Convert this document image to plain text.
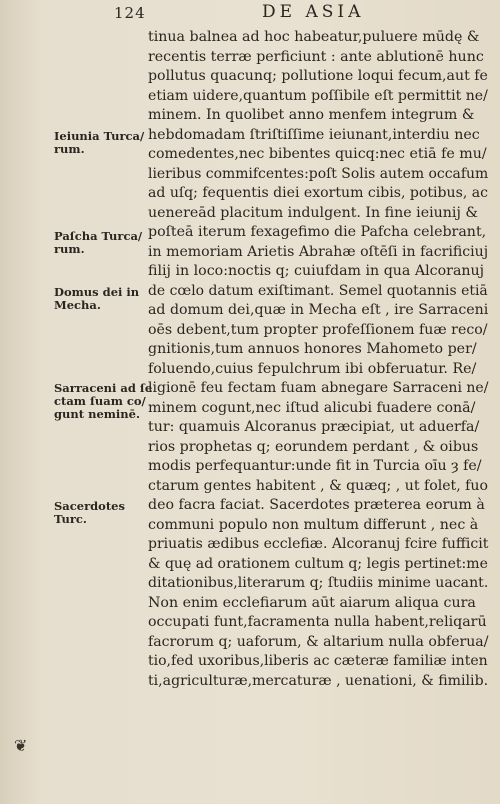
124	DE ASIA
tinua balnea ad hoc habeatur,puluere mūdę &
recentis terræ perficiunt : ante ablutionē hunc
pollutus quacunq; pollutione loqui fecum,aut fe
etiam uidere,quantum poſſibile eſt permittit ne/
minem. In quolibet anno menfem integrum &
hebdomadam ſtriſtiſſime ieiunant,interdiu nec
comedentes,nec bibentes quicq:nec etiā fe mu/
lieribus commifcentes:poſt Solis autem occafum
ad uſq; fequentis diei exortum cibis, potibus, ac
uenereād placitum indulgent. In fine ieiunij &
poſteā iterum fexagefimo die Pafcha celebrant,
in memoriam Arietis Abrahæ oſtēſi in facrificiuj
filij in loco:noctis q; cuiufdam in qua Alcoranuj
de cœlo datum exiſtimant. Semel quotannis etiā
ad domum dei,quæ in Mecha eſt , ire Sarraceni
oēs debent,tum propter profeſſionem fuæ reco/
gnitionis,tum annuos honores Mahometo per/
foluendo,cuius fepulchrum ibi obferuatur. Re/
ligionē feu fectam fuam abnegare Sarraceni ne/
minem cogunt,nec iſtud alicubi fuadere conā/
tur: quamuis Alcoranus præcipiat, ut aduerfa/
rios prophetas q; eorundem perdant , & oibus
modis perfequantur:unde fit in Turcia oīu ȝ fe/
ctarum gentes habitent , & quæq; , ut folet, fuo
deo facra faciat. Sacerdotes præterea eorum à
communi populo non multum differunt , nec à
priuatis ædibus ecclefiæ. Alcoranuj fcire fufficit
& quę ad orationem cultum q; legis pertinet:me
ditationibus,literarum q; ſtudiis minime uacant.
Non enim ecclefiarum aūt aiarum aliqua cura
occupati funt,facramenta nulla habent,reliqarū
facrorum q; uaforum, & altarium nulla obferua/
tio,fed uxoribus,liberis ac cæteræ familiæ inten
ti,agriculturæ,mercaturæ , uenationi, & fimilib.
Ieiunia Turca/
rum.
Paſcha Turca/
rum.
Domus dei in
Mecha.
Sarraceni ad ſe
ctam ſuam co/
gunt neminē.
Sacerdotes
Turc.
❦
